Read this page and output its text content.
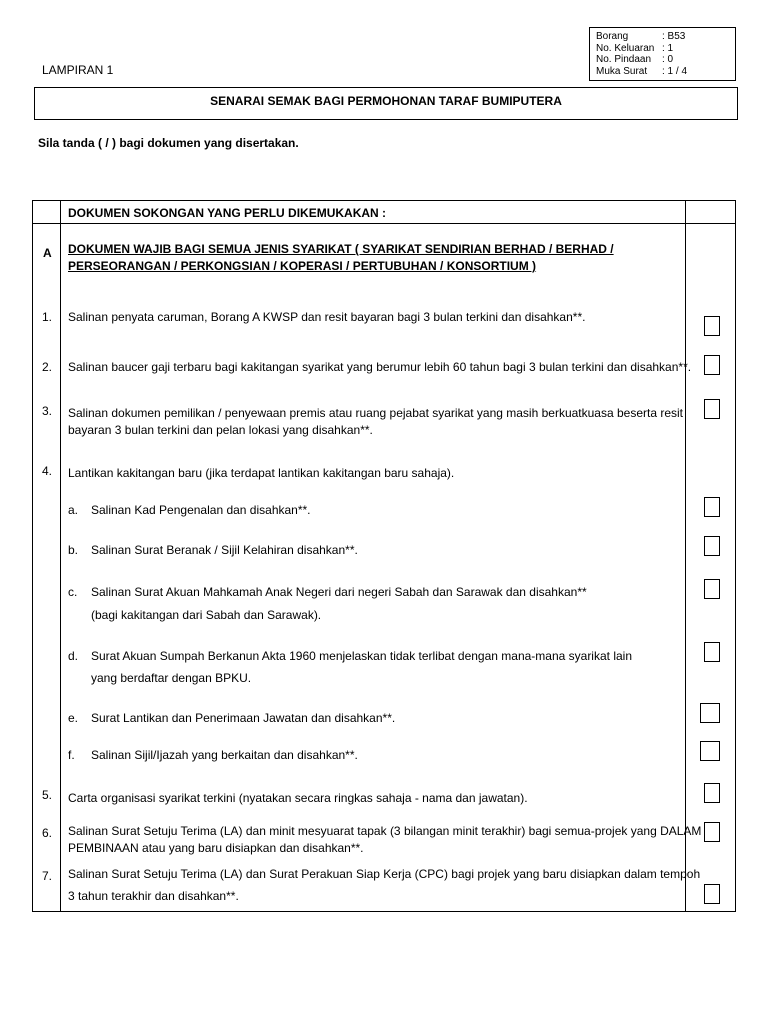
Borang	: B53
No. Keluaran : 1
No. Pindaan	: 0
Muka Surat	: 1 / 4
LAMPIRAN 1
SENARAI SEMAK BAGI PERMOHONAN TARAF BUMIPUTERA
Sila tanda ( / ) bagi dokumen yang disertakan.
DOKUMEN SOKONGAN YANG PERLU DIKEMUKAKAN :
A DOKUMEN WAJIB BAGI SEMUA JENIS SYARIKAT ( SYARIKAT SENDIRIAN BERHAD / BERHAD /
PERSEORANGAN / PERKONGSIAN / KOPERASI / PERTUBUHAN / KONSORTIUM )
1. Salinan penyata caruman, Borang A KWSP dan resit bayaran bagi 3 bulan terkini dan disahkan**.
2. Salinan baucer gaji terbaru bagi kakitangan syarikat yang berumur lebih 60 tahun bagi 3 bulan terkini dan disahkan**.
3. Salinan dokumen pemilikan / penyewaan premis atau ruang pejabat syarikat yang masih berkuatkuasa beserta resit
bayaran 3 bulan terkini dan pelan lokasi yang disahkan**.
4. Lantikan kakitangan baru (jika terdapat lantikan kakitangan baru sahaja).
a. Salinan Kad Pengenalan dan disahkan**.
b. Salinan Surat Beranak / Sijil Kelahiran disahkan**.
c. Salinan Surat Akuan Mahkamah Anak Negeri dari negeri Sabah dan Sarawak dan disahkan**
(bagi kakitangan dari Sabah dan Sarawak).
d. Surat Akuan Sumpah Berkanun Akta 1960 menjelaskan tidak terlibat dengan mana-mana syarikat lain
yang berdaftar dengan BPKU.
e. Surat Lantikan dan Penerimaan Jawatan dan disahkan**.
f. Salinan Sijil/Ijazah yang berkaitan dan disahkan**.
5. Carta organisasi syarikat terkini (nyatakan secara ringkas sahaja - nama dan jawatan).
6. Salinan Surat Setuju Terima (LA) dan minit mesyuarat tapak (3 bilangan minit terakhir) bagi semua-projek yang DALAM
PEMBINAAN atau yang baru disiapkan dan disahkan**.
7. Salinan Surat Setuju Terima (LA) dan Surat Perakuan Siap Kerja (CPC) bagi projek yang baru disiapkan dalam tempoh
3 tahun terakhir dan disahkan**.
